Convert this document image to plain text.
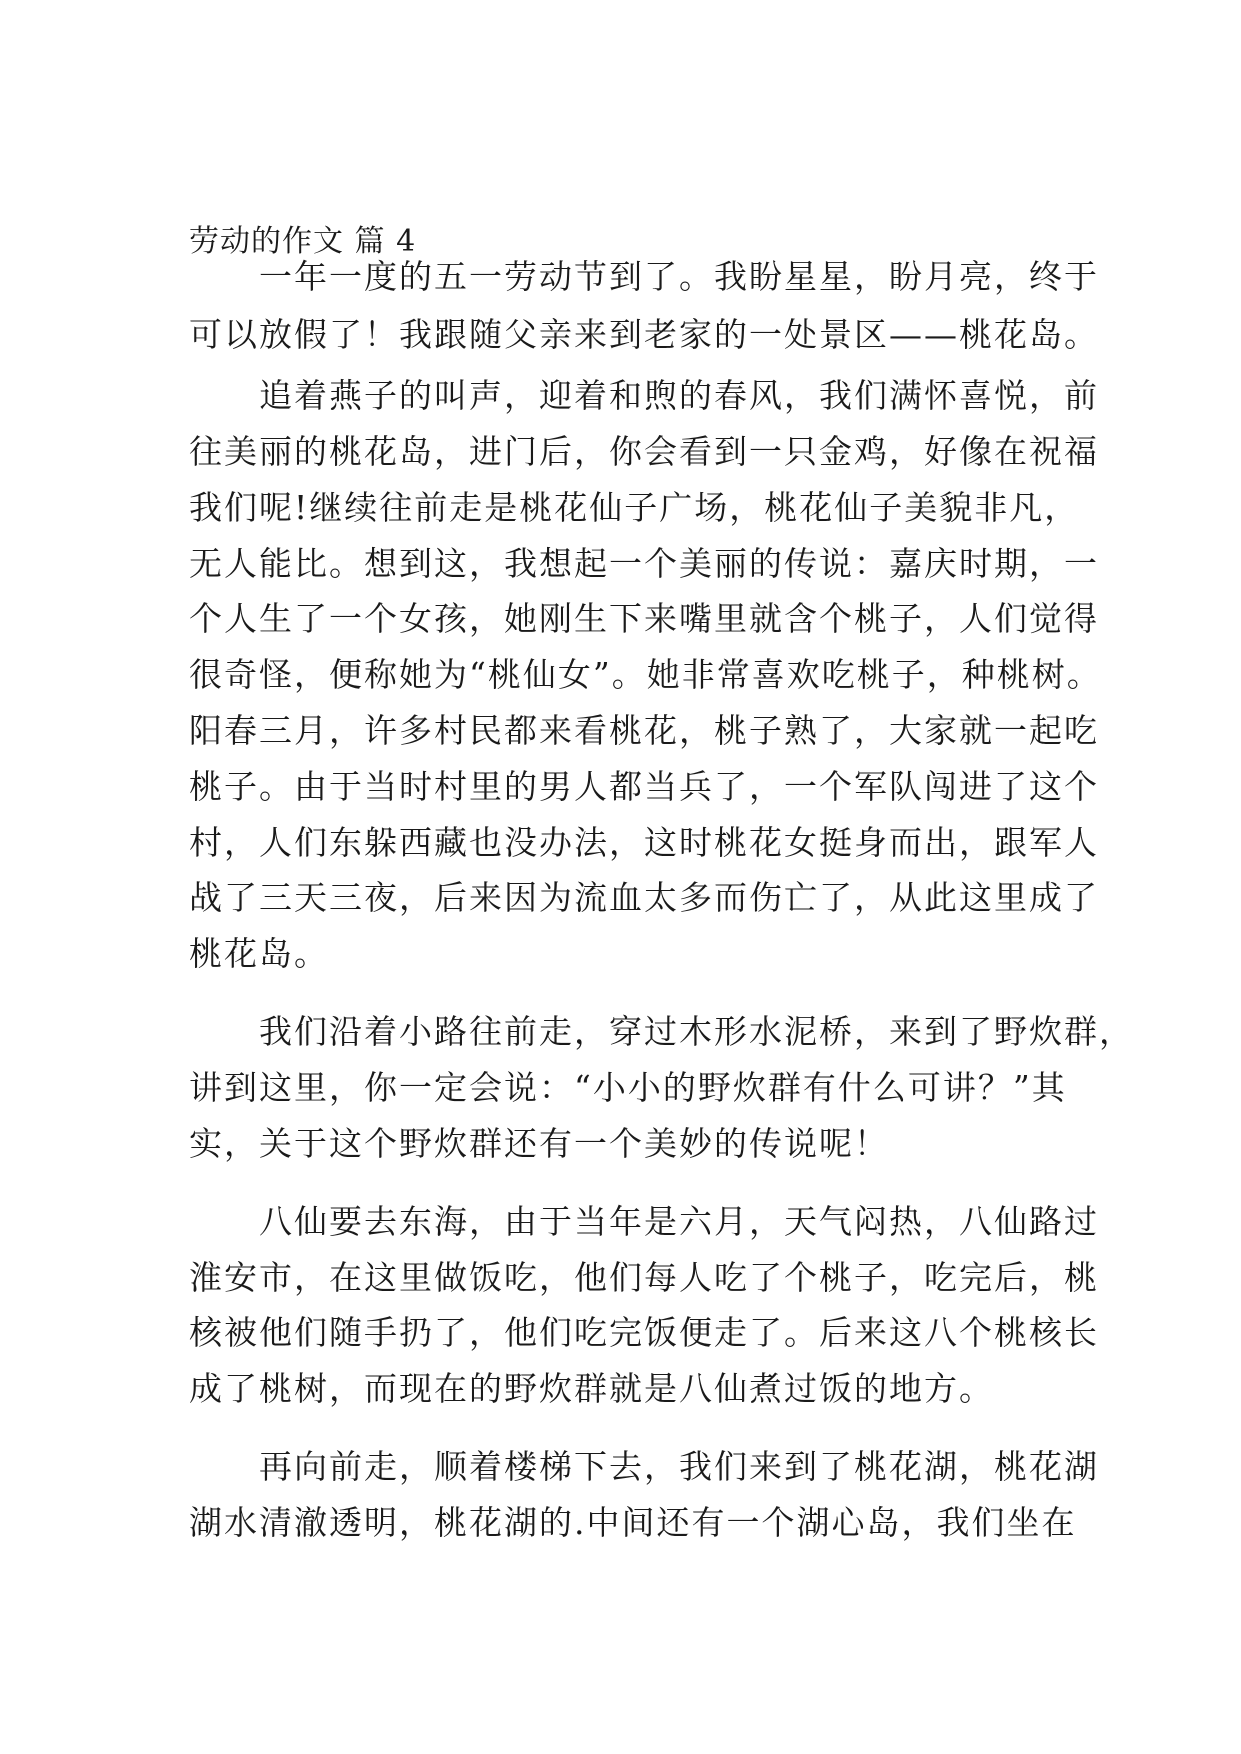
劳动的作文 篇 4
　　一年一度的五一劳动节到了。我盼星星，盼月亮，终于
可以放假了！我跟随父亲来到老家的一处景区——桃花岛。
　　追着燕子的叫声，迎着和煦的春风，我们满怀喜悦，前
往美丽的桃花岛，进门后，你会看到一只金鸡，好像在祝福
我们呢!继续往前走是桃花仙子广场，桃花仙子美貌非凡，
无人能比。想到这，我想起一个美丽的传说：嘉庆时期，一
个人生了一个女孩，她刚生下来嘴里就含个桃子，人们觉得
很奇怪，便称她为“桃仙女”。她非常喜欢吃桃子，种桃树。
阳春三月，许多村民都来看桃花，桃子熟了，大家就一起吃
桃子。由于当时村里的男人都当兵了，一个军队闯进了这个
村，人们东躲西藏也没办法，这时桃花女挺身而出，跟军人
战了三天三夜，后来因为流血太多而伤亡了，从此这里成了
桃花岛。
　　我们沿着小路往前走，穿过木形水泥桥，来到了野炊群，
讲到这里，你一定会说：“小小的野炊群有什么可讲？”其
实，关于这个野炊群还有一个美妙的传说呢！
　　八仙要去东海，由于当年是六月，天气闷热，八仙路过
淮安市，在这里做饭吃，他们每人吃了个桃子，吃完后，桃
核被他们随手扔了，他们吃完饭便走了。后来这八个桃核长
成了桃树，而现在的野炊群就是八仙煮过饭的地方。
　　再向前走，顺着楼梯下去，我们来到了桃花湖，桃花湖
湖水清澈透明，桃花湖的.中间还有一个湖心岛，我们坐在
